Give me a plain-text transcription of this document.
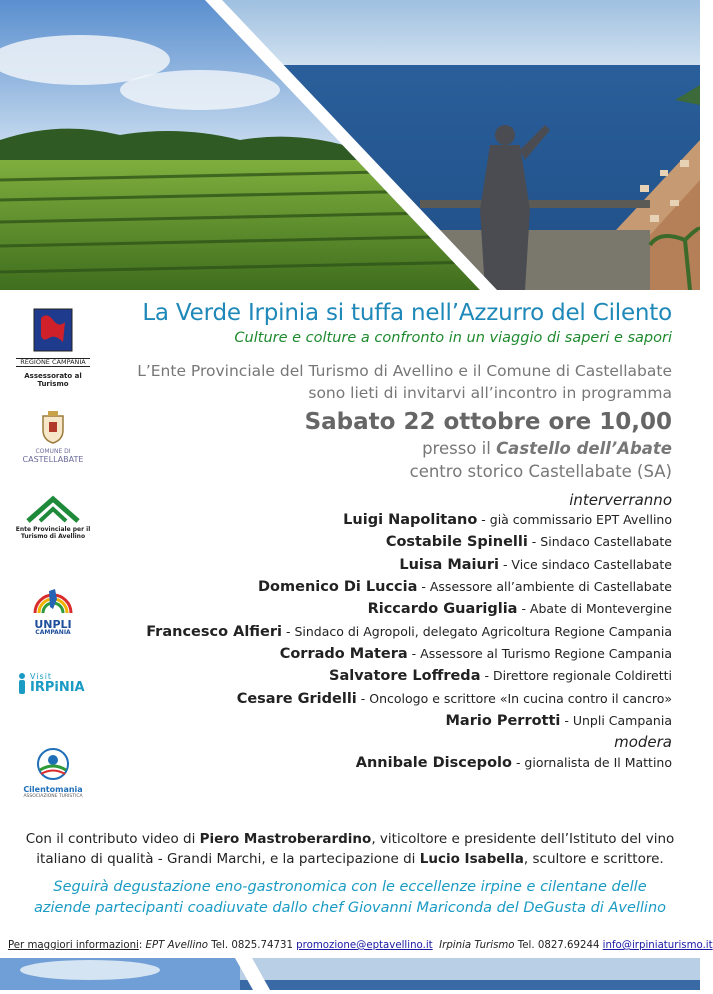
REGIONE CAMPANIA
Assessorato al Turismo
COMUNE DI
CASTELLABATE
Ente Provinciale per il
Turismo di Avellino
UNPLI
CAMPANIA
Visit
IRPiNIA
Cilentomania
ASSOCIAZIONE TURISTICA
La Verde Irpinia si tuffa nell’Azzurro del Cilento
Culture e colture a confronto in un viaggio di saperi e sapori
L’Ente Provinciale del Turismo di Avellino e il Comune di Castellabate
sono lieti di invitarvi all’incontro in programma
Sabato 22 ottobre ore 10,00
presso il Castello dell’Abate
centro storico Castellabate (SA)
interverranno
Luigi Napolitano - già commissario EPT Avellino
Costabile Spinelli - Sindaco Castellabate
Luisa Maiuri - Vice sindaco Castellabate
Domenico Di Luccia - Assessore all’ambiente di Castellabate
Riccardo Guariglia - Abate di Montevergine
Francesco Alfieri - Sindaco di Agropoli, delegato Agricoltura Regione Campania
Corrado Matera - Assessore al Turismo Regione Campania
Salvatore Loffreda - Direttore regionale Coldiretti
Cesare Gridelli - Oncologo e scrittore «In cucina contro il cancro»
Mario Perrotti - Unpli Campania
modera
Annibale Discepolo - giornalista de Il Mattino
Con il contributo video di Piero Mastroberardino, viticoltore e presidente dell’Istituto del vino italiano di qualità - Grandi Marchi, e la partecipazione di Lucio Isabella, scultore e scrittore.
Seguirà degustazione eno-gastronomica con le eccellenze irpine e cilentane delle
aziende partecipanti coadiuvate dallo chef Giovanni Mariconda del DeGusta di Avellino
Per maggiori informazioni: EPT Avellino Tel. 0825.74731 promozione@eptavellino.it Irpinia Turismo Tel. 0827.69244 info@irpiniaturismo.it
